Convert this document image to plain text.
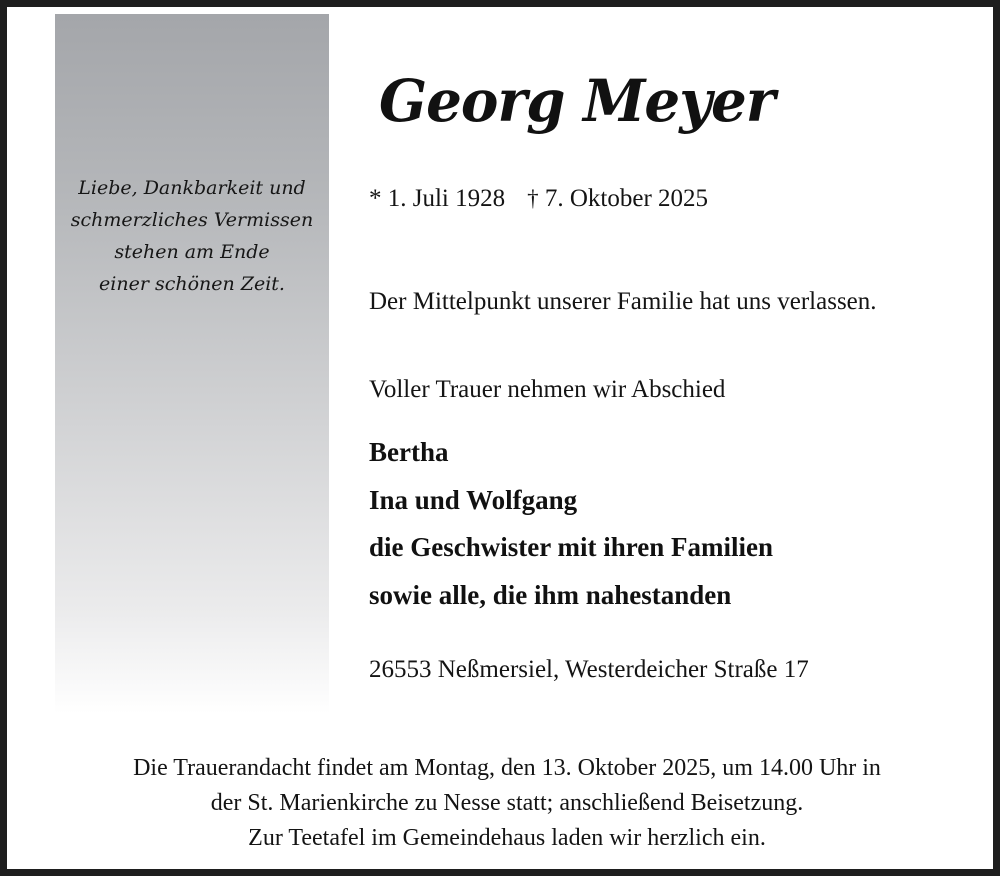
Liebe, Dankbarkeit und
schmerzliches Vermissen
stehen am Ende
einer schönen Zeit.
Georg Meyer
* 1. Juli 1928 † 7. Oktober 2025
Der Mittelpunkt unserer Familie hat uns verlassen.
Voller Trauer nehmen wir Abschied
Bertha
Ina und Wolfgang
die Geschwister mit ihren Familien
sowie alle, die ihm nahestanden
26553 Neßmersiel, Westerdeicher Straße 17
Die Trauerandacht findet am Montag, den 13. Oktober 2025, um 14.00 Uhr in
der St. Marienkirche zu Nesse statt; anschließend Beisetzung.
Zur Teetafel im Gemeindehaus laden wir herzlich ein.
